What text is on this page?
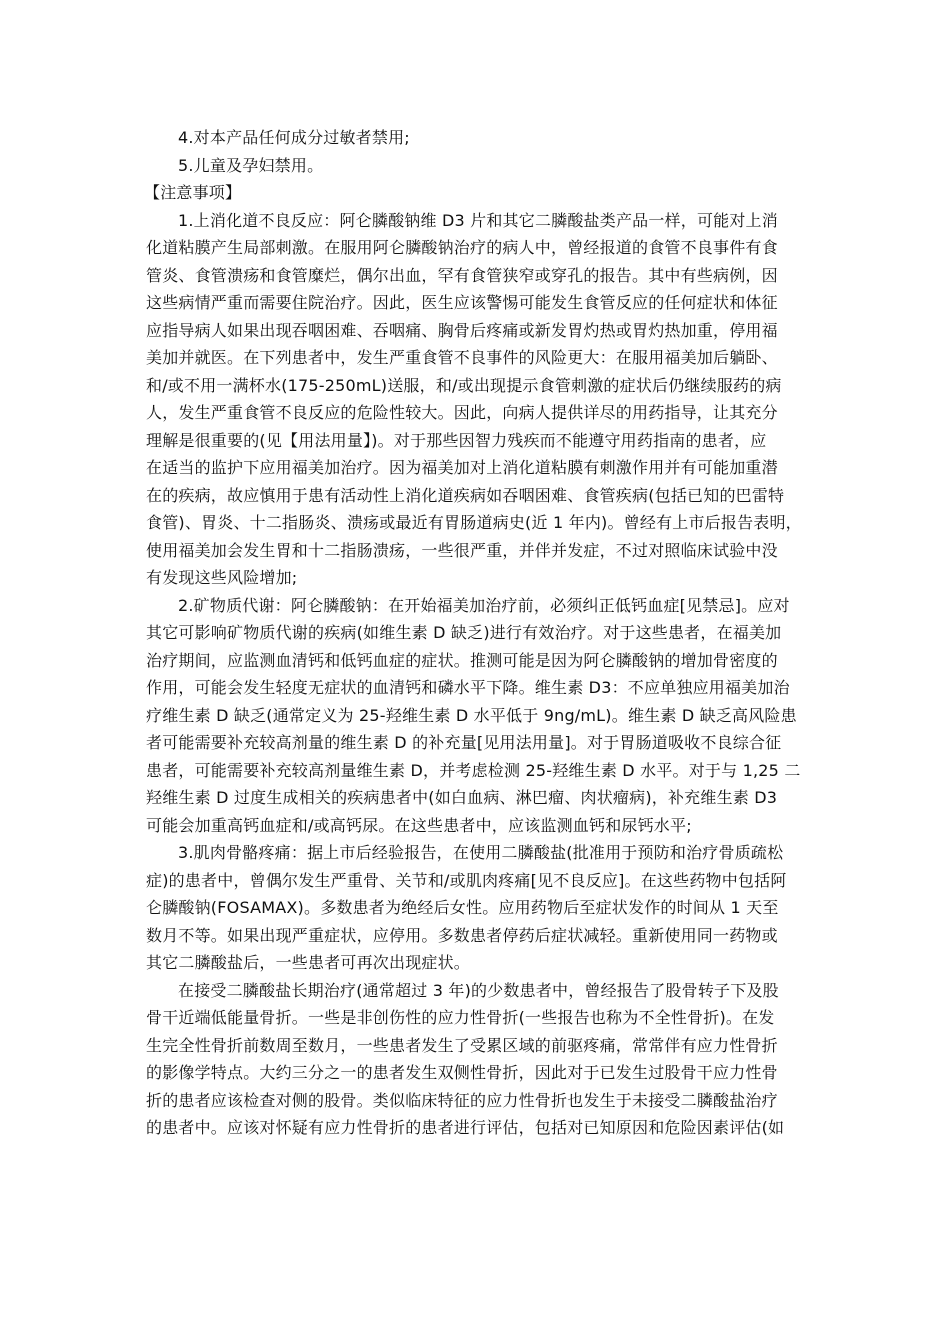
4.对本产品任何成分过敏者禁用;
5.儿童及孕妇禁用。
【注意事项】
1.上消化道不良反应：阿仑膦酸钠维 D3 片和其它二膦酸盐类产品一样，可能对上消
化道粘膜产生局部刺激。在服用阿仑膦酸钠治疗的病人中，曾经报道的食管不良事件有食
管炎、食管溃疡和食管糜烂，偶尔出血，罕有食管狭窄或穿孔的报告。其中有些病例，因
这些病情严重而需要住院治疗。因此，医生应该警惕可能发生食管反应的任何症状和体征
应指导病人如果出现吞咽困难、吞咽痛、胸骨后疼痛或新发胃灼热或胃灼热加重，停用福
美加并就医。在下列患者中，发生严重食管不良事件的风险更大：在服用福美加后躺卧、
和/或不用一满杯水(175-250mL)送服，和/或出现提示食管刺激的症状后仍继续服药的病
人，发生严重食管不良反应的危险性较大。因此，向病人提供详尽的用药指导，让其充分
理解是很重要的(见【用法用量】)。对于那些因智力残疾而不能遵守用药指南的患者，应
在适当的监护下应用福美加治疗。因为福美加对上消化道粘膜有刺激作用并有可能加重潜
在的疾病，故应慎用于患有活动性上消化道疾病如吞咽困难、食管疾病(包括已知的巴雷特
食管)、胃炎、十二指肠炎、溃疡或最近有胃肠道病史(近 1 年内)。曾经有上市后报告表明，
使用福美加会发生胃和十二指肠溃疡，一些很严重，并伴并发症，不过对照临床试验中没
有发现这些风险增加;
2.矿物质代谢：阿仑膦酸钠：在开始福美加治疗前，必须纠正低钙血症[见禁忌]。应对
其它可影响矿物质代谢的疾病(如维生素 D 缺乏)进行有效治疗。对于这些患者，在福美加
治疗期间，应监测血清钙和低钙血症的症状。推测可能是因为阿仑膦酸钠的增加骨密度的
作用，可能会发生轻度无症状的血清钙和磷水平下降。维生素 D3：不应单独应用福美加治
疗维生素 D 缺乏(通常定义为 25-羟维生素 D 水平低于 9ng/mL)。维生素 D 缺乏高风险患
者可能需要补充较高剂量的维生素 D 的补充量[见用法用量]。对于胃肠道吸收不良综合征
患者，可能需要补充较高剂量维生素 D，并考虑检测 25-羟维生素 D 水平。对于与 1,25 二
羟维生素 D 过度生成相关的疾病患者中(如白血病、淋巴瘤、肉状瘤病)，补充维生素 D3
可能会加重高钙血症和/或高钙尿。在这些患者中，应该监测血钙和尿钙水平;
3.肌肉骨骼疼痛：据上市后经验报告，在使用二膦酸盐(批准用于预防和治疗骨质疏松
症)的患者中，曾偶尔发生严重骨、关节和/或肌肉疼痛[见不良反应]。在这些药物中包括阿
仑膦酸钠(FOSAMAX)。多数患者为绝经后女性。应用药物后至症状发作的时间从 1 天至
数月不等。如果出现严重症状，应停用。多数患者停药后症状减轻。重新使用同一药物或
其它二膦酸盐后，一些患者可再次出现症状。
在接受二膦酸盐长期治疗(通常超过 3 年)的少数患者中，曾经报告了股骨转子下及股
骨干近端低能量骨折。一些是非创伤性的应力性骨折(一些报告也称为不全性骨折)。在发
生完全性骨折前数周至数月，一些患者发生了受累区域的前驱疼痛，常常伴有应力性骨折
的影像学特点。大约三分之一的患者发生双侧性骨折，因此对于已发生过股骨干应力性骨
折的患者应该检查对侧的股骨。类似临床特征的应力性骨折也发生于未接受二膦酸盐治疗
的患者中。应该对怀疑有应力性骨折的患者进行评估，包括对已知原因和危险因素评估(如
